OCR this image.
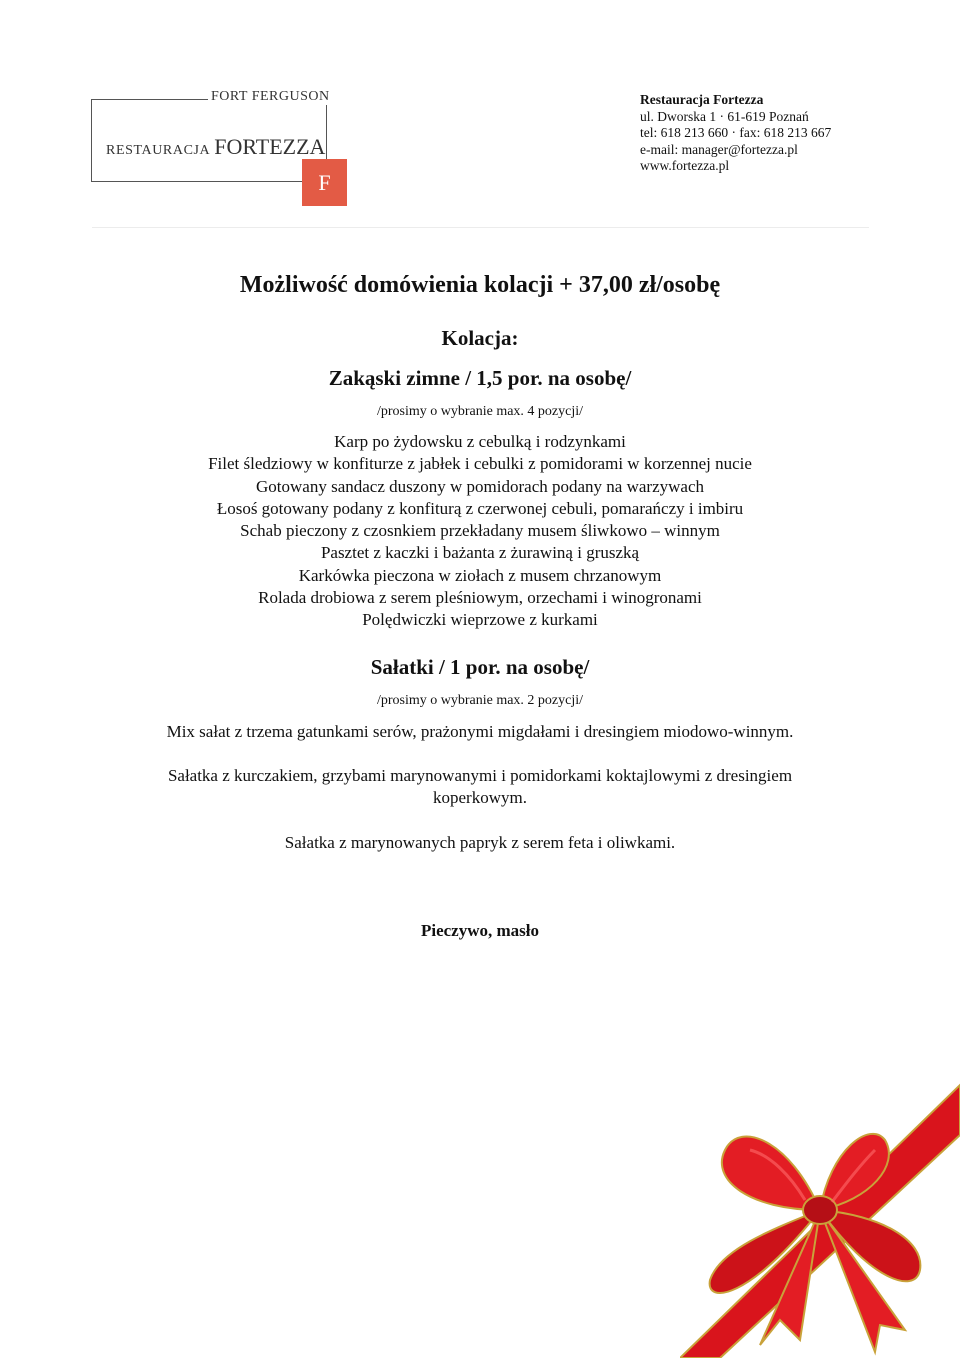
FORT FERGUSON
RESTAURACJA FORTEZZA
F
Restauracja Fortezza
ul. Dworska 1 · 61-619 Poznań
tel: 618 213 660 · fax: 618 213 667
e-mail: manager@fortezza.pl
www.fortezza.pl
Możliwość domówienia kolacji + 37,00 zł/osobę
Kolacja:
Zakąski zimne / 1,5 por. na osobę/
/prosimy o wybranie max. 4 pozycji/
Karp po żydowsku z cebulką i rodzynkami
Filet śledziowy w konfiturze z jabłek i cebulki z pomidorami w korzennej nucie
Gotowany sandacz duszony w pomidorach podany na warzywach
Łosoś gotowany podany z konfiturą z czerwonej cebuli, pomarańczy i imbiru
Schab pieczony z czosnkiem przekładany musem śliwkowo – winnym
Pasztet z kaczki i bażanta z żurawiną i gruszką
Karkówka pieczona w ziołach z musem chrzanowym
Rolada drobiowa z serem pleśniowym, orzechami i winogronami
Polędwiczki wieprzowe z kurkami
Sałatki / 1 por. na osobę/
/prosimy o wybranie max. 2 pozycji/
Mix sałat z trzema gatunkami serów, prażonymi migdałami i dresingiem miodowo-winnym.
Sałatka z kurczakiem, grzybami marynowanymi i pomidorkami koktajlowymi z dresingiem koperkowym.
Sałatka z marynowanych papryk z serem feta i oliwkami.
Pieczywo, masło
